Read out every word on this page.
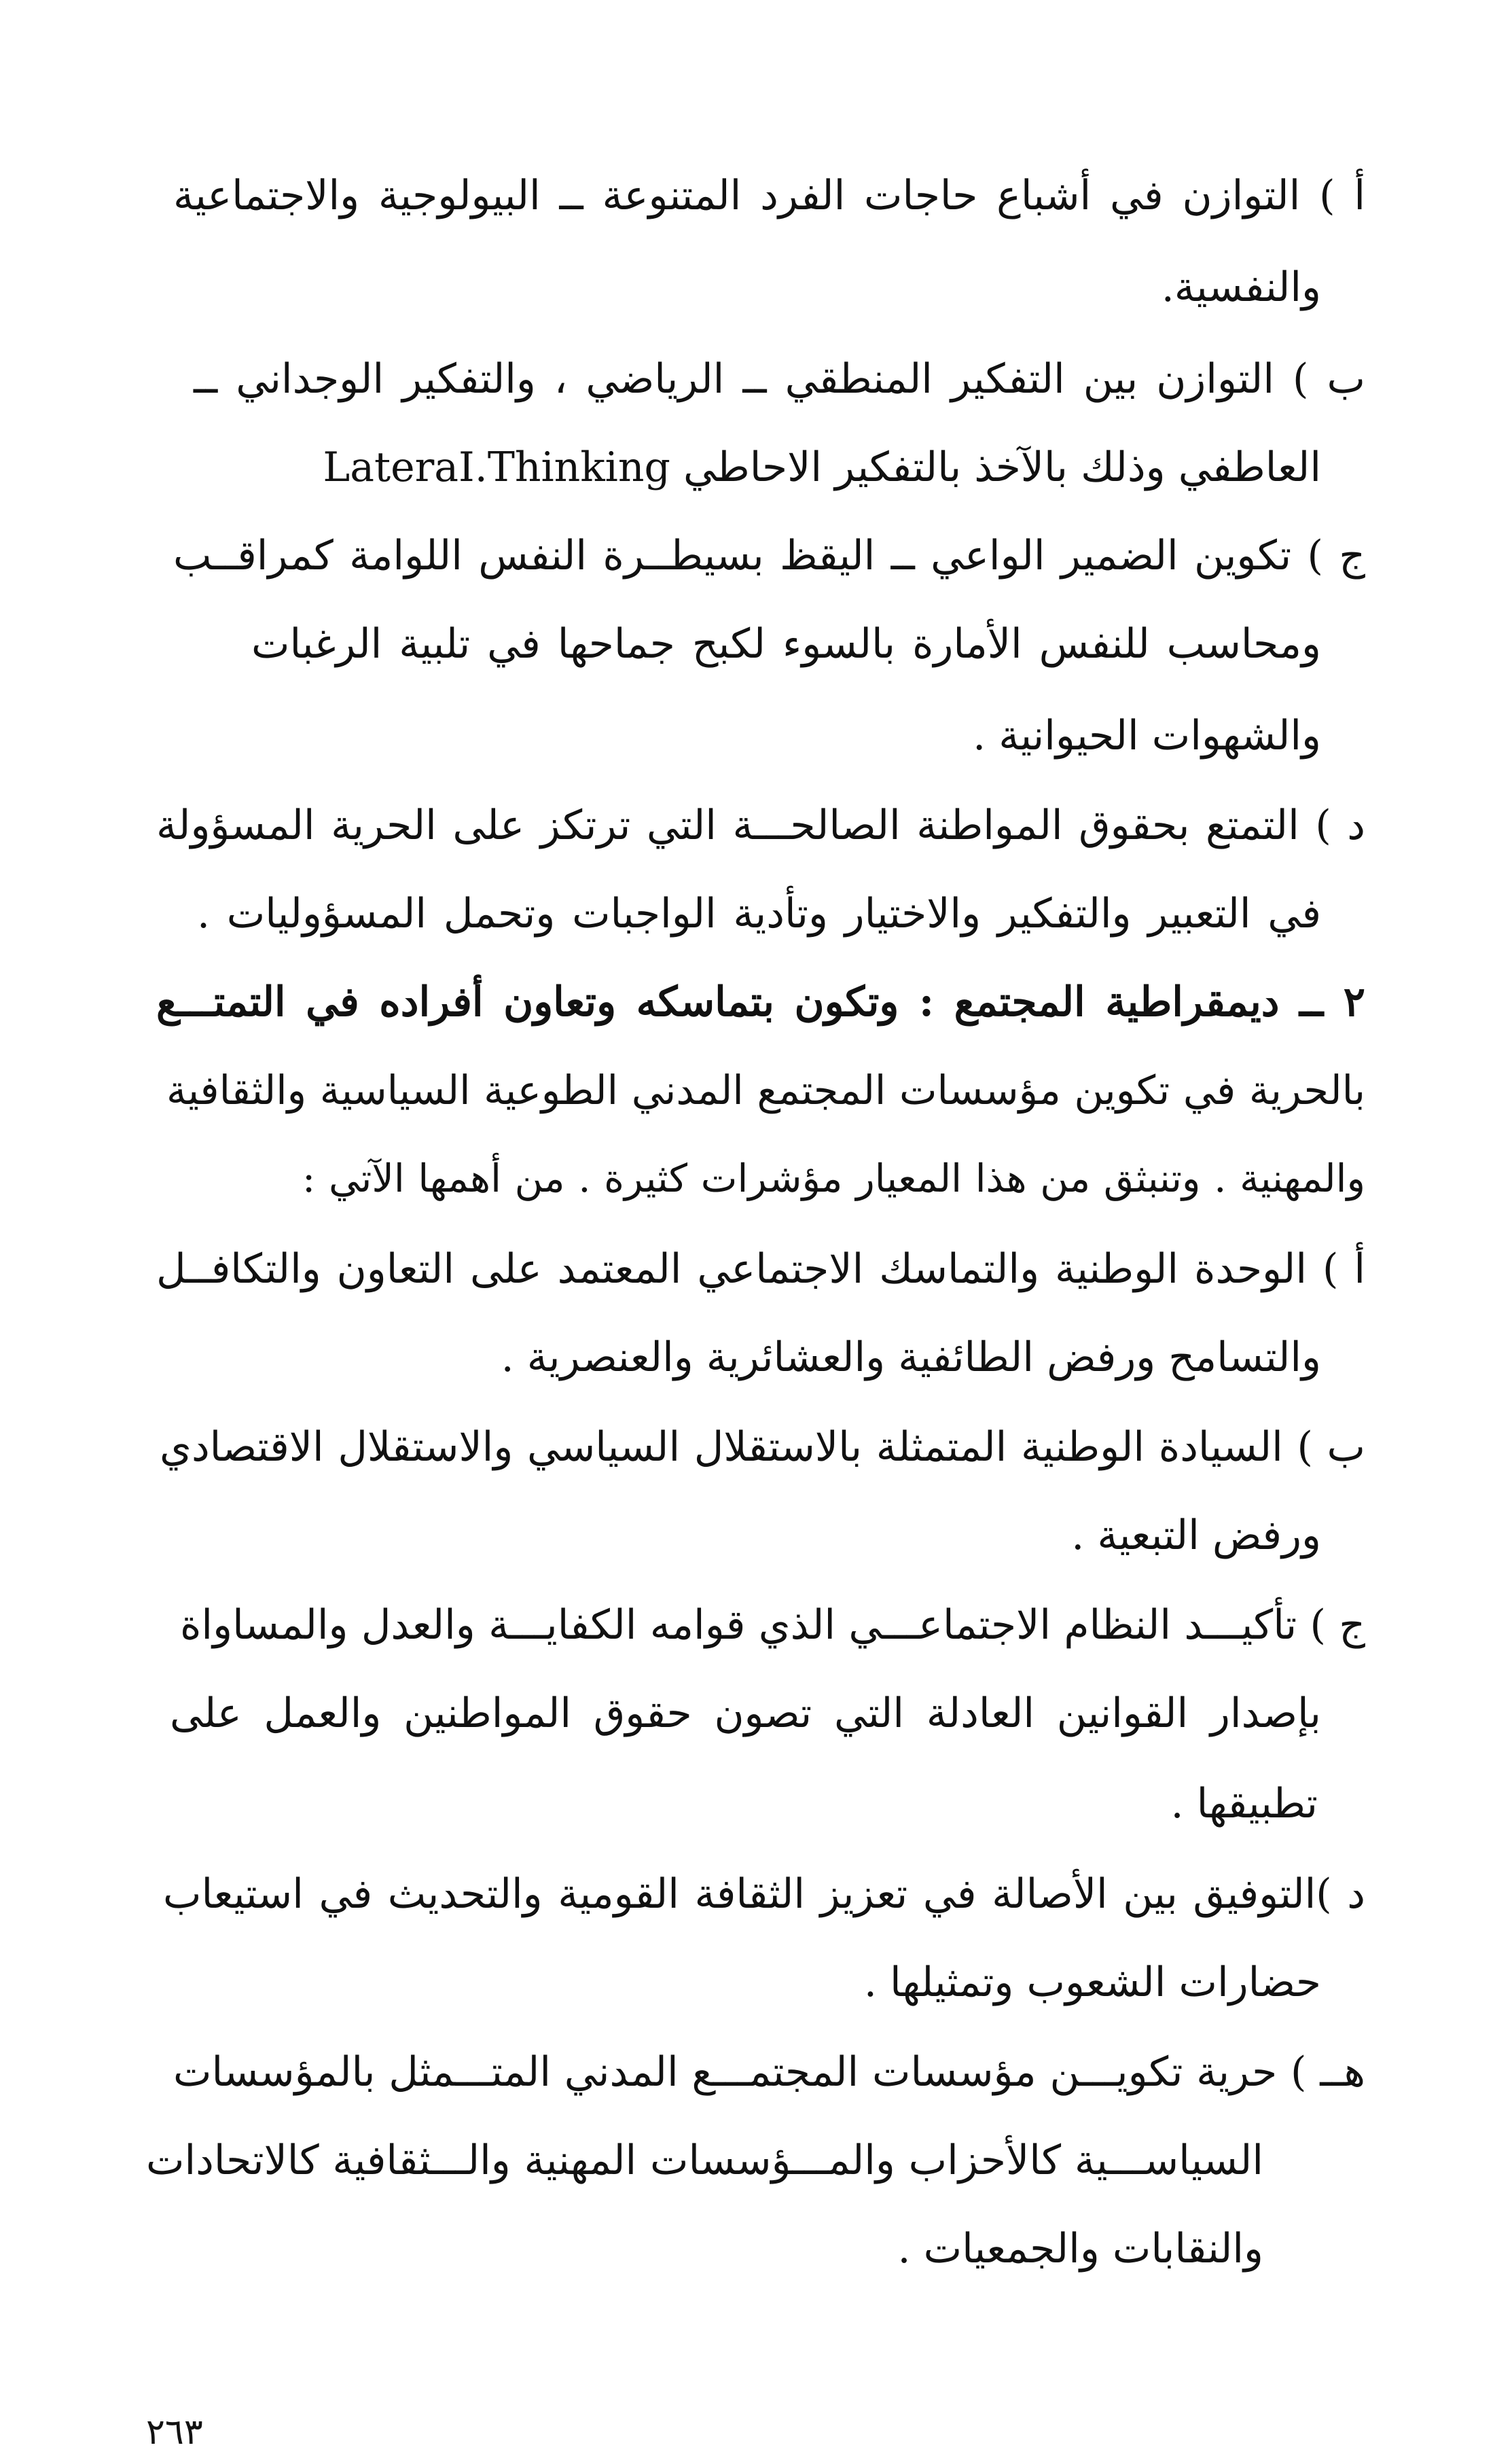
أ ) التوازن في أشباع حاجات الفرد المتنوعة ــ البيولوجية والاجتماعية
والنفسية.
ب ) التوازن بين التفكير المنطقي ــ الرياضي ، والتفكير الوجداني ــ
العاطفي وذلك بالآخذ بالتفكير الاحاطي LateraI.Thinking
ج ) تكوين الضمير الواعي ــ اليقظ بسيطــرة النفس اللوامة كمراقــب
ومحاسب للنفس الأمارة بالسوء لكبح جماحها في تلبية الرغبات
والشهوات الحيوانية .
د ) التمتع بحقوق المواطنة الصالحـــة التي ترتكز على الحرية المسؤولة
في التعبير والتفكير والاختيار وتأدية الواجبات وتحمل المسؤوليات .
٢ ــ ديمقراطية المجتمع : وتكون بتماسكه وتعاون أفراده في التمتـــع
بالحرية في تكوين مؤسسات المجتمع المدني الطوعية السياسية والثقافية
والمهنية . وتنبثق من هذا المعيار مؤشرات كثيرة . من أهمها الآتي :
أ ) الوحدة الوطنية والتماسك الاجتماعي المعتمد على التعاون والتكافــل
والتسامح ورفض الطائفية والعشائرية والعنصرية .
ب ) السيادة الوطنية المتمثلة بالاستقلال السياسي والاستقلال الاقتصادي
ورفض التبعية .
ج ) تأكيـــد النظام الاجتماعـــي الذي قوامه الكفايـــة والعدل والمساواة
بإصدار القوانين العادلة التي تصون حقوق المواطنين والعمل على
تطبيقها .
د )التوفيق بين الأصالة في تعزيز الثقافة القومية والتحديث في استيعاب
حضارات الشعوب وتمثيلها .
هــ ) حرية تكويـــن مؤسسات المجتمـــع المدني المتـــمثل بالمؤسسات
السياســـية كالأحزاب والمـــؤسسات المهنية والـــثقافية كالاتحادات
والنقابات والجمعيات .
٢٦٣
